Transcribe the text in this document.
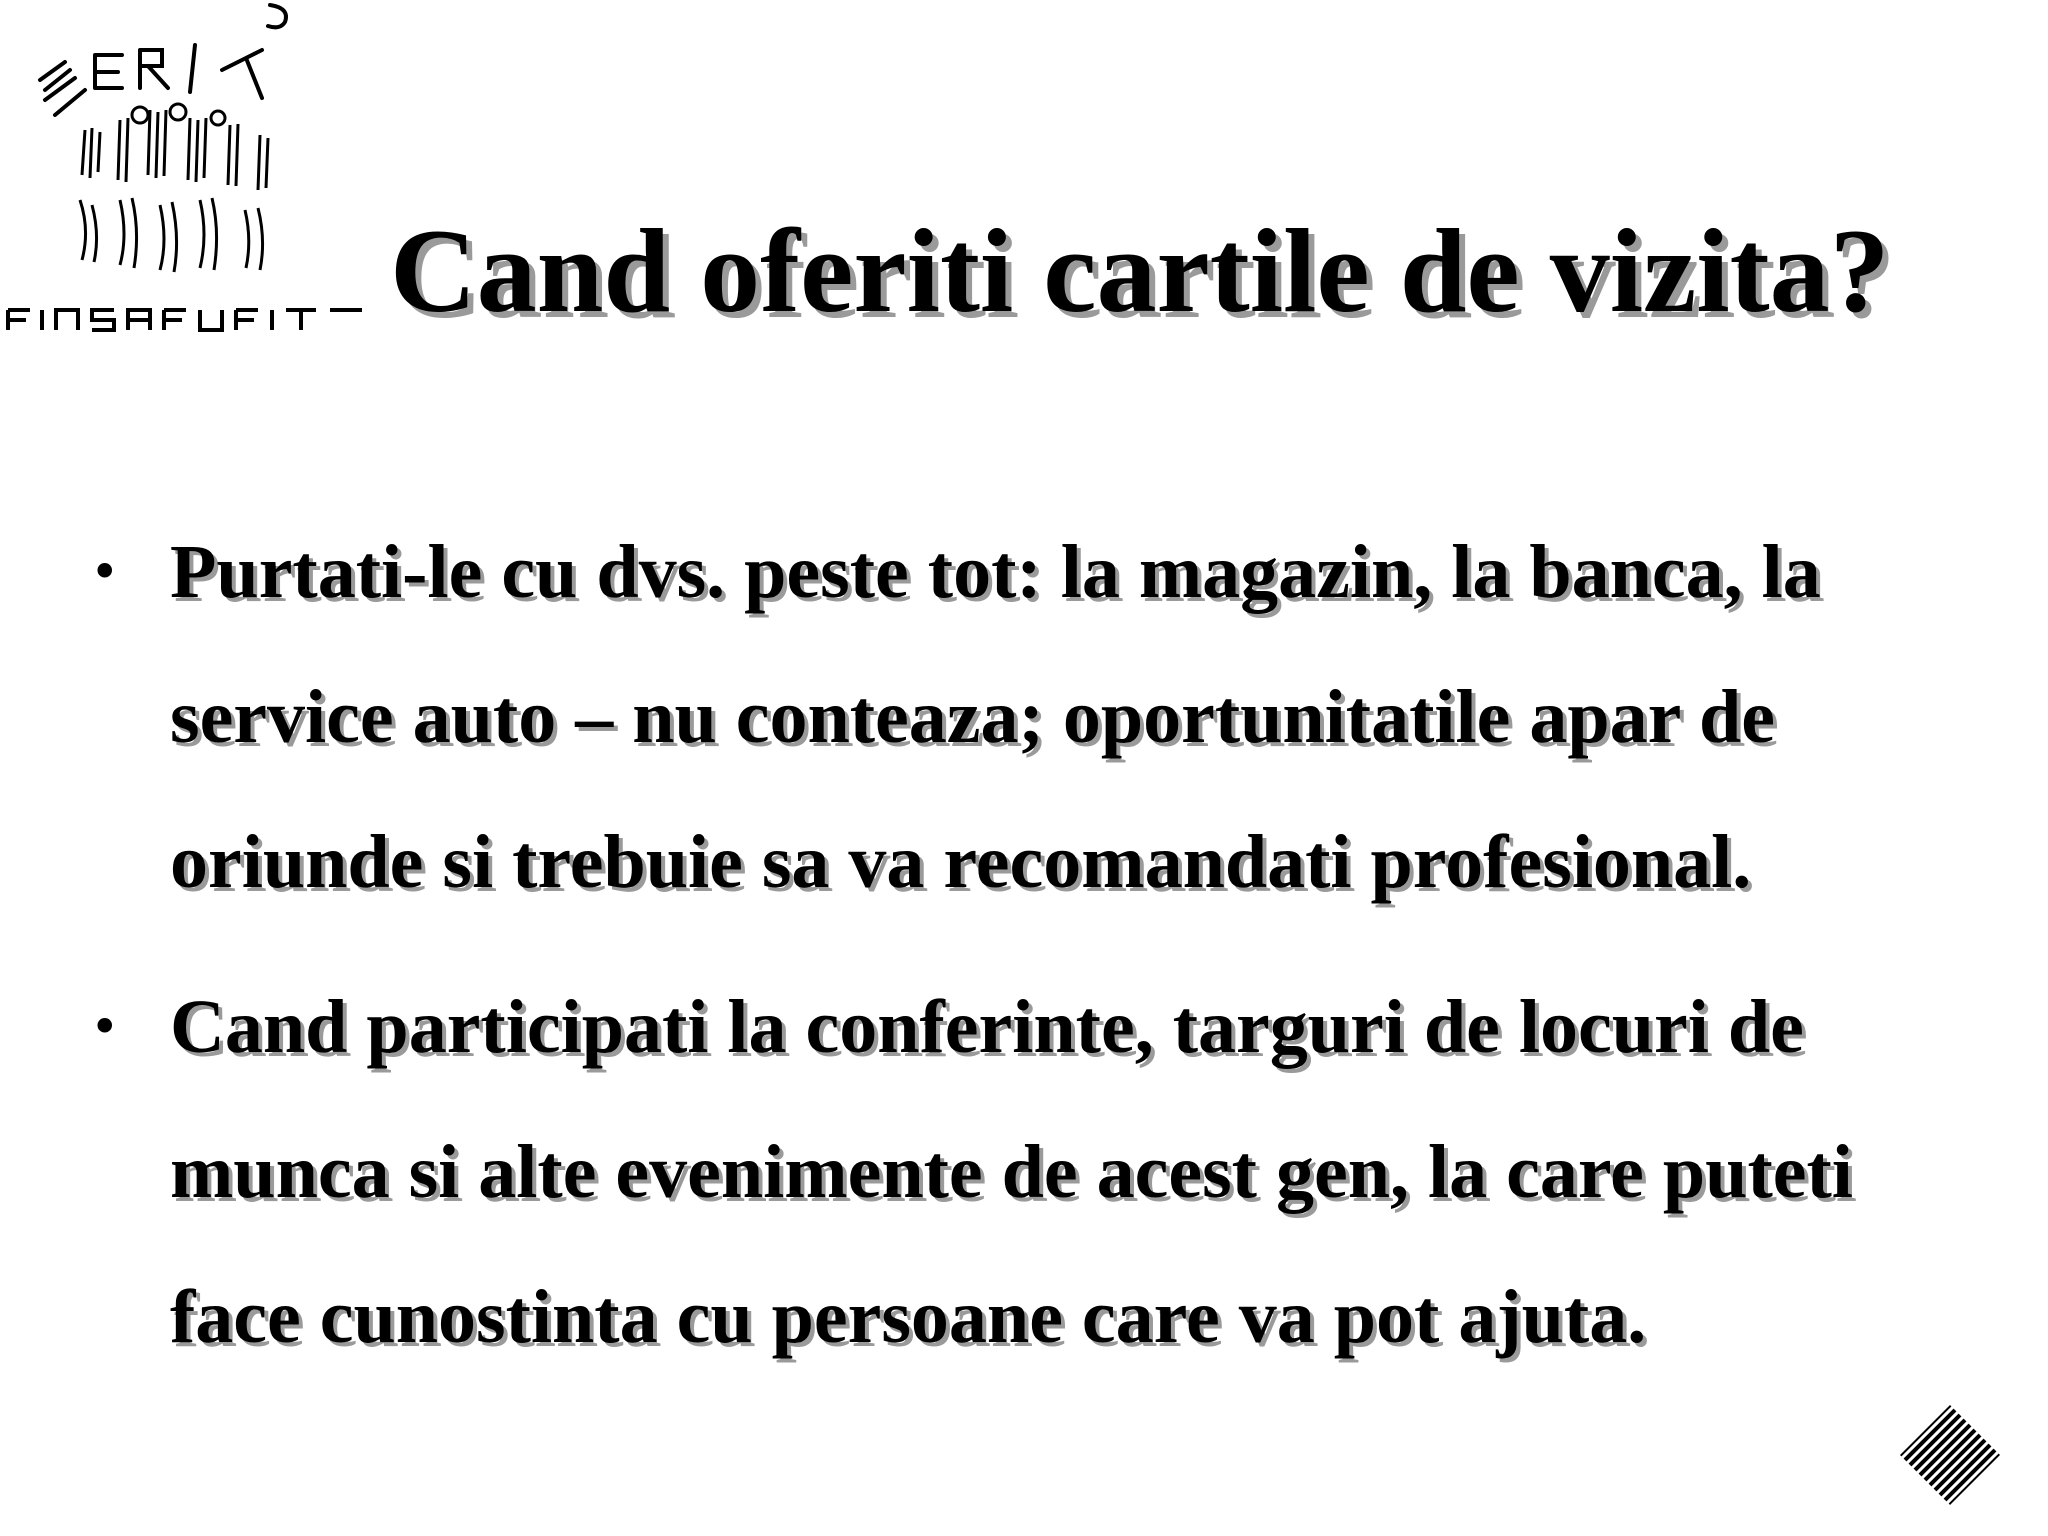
Cand oferiti cartile de vizita?
• Purtati-le cu dvs. peste tot: la magazin, la banca, la service auto – nu conteaza; oportunitatile apar de oriunde si trebuie sa va recomandati profesional.
• Cand participati la conferinte, targuri de locuri de munca si alte evenimente de acest gen, la care puteti face cunostinta cu persoane care va pot ajuta.
